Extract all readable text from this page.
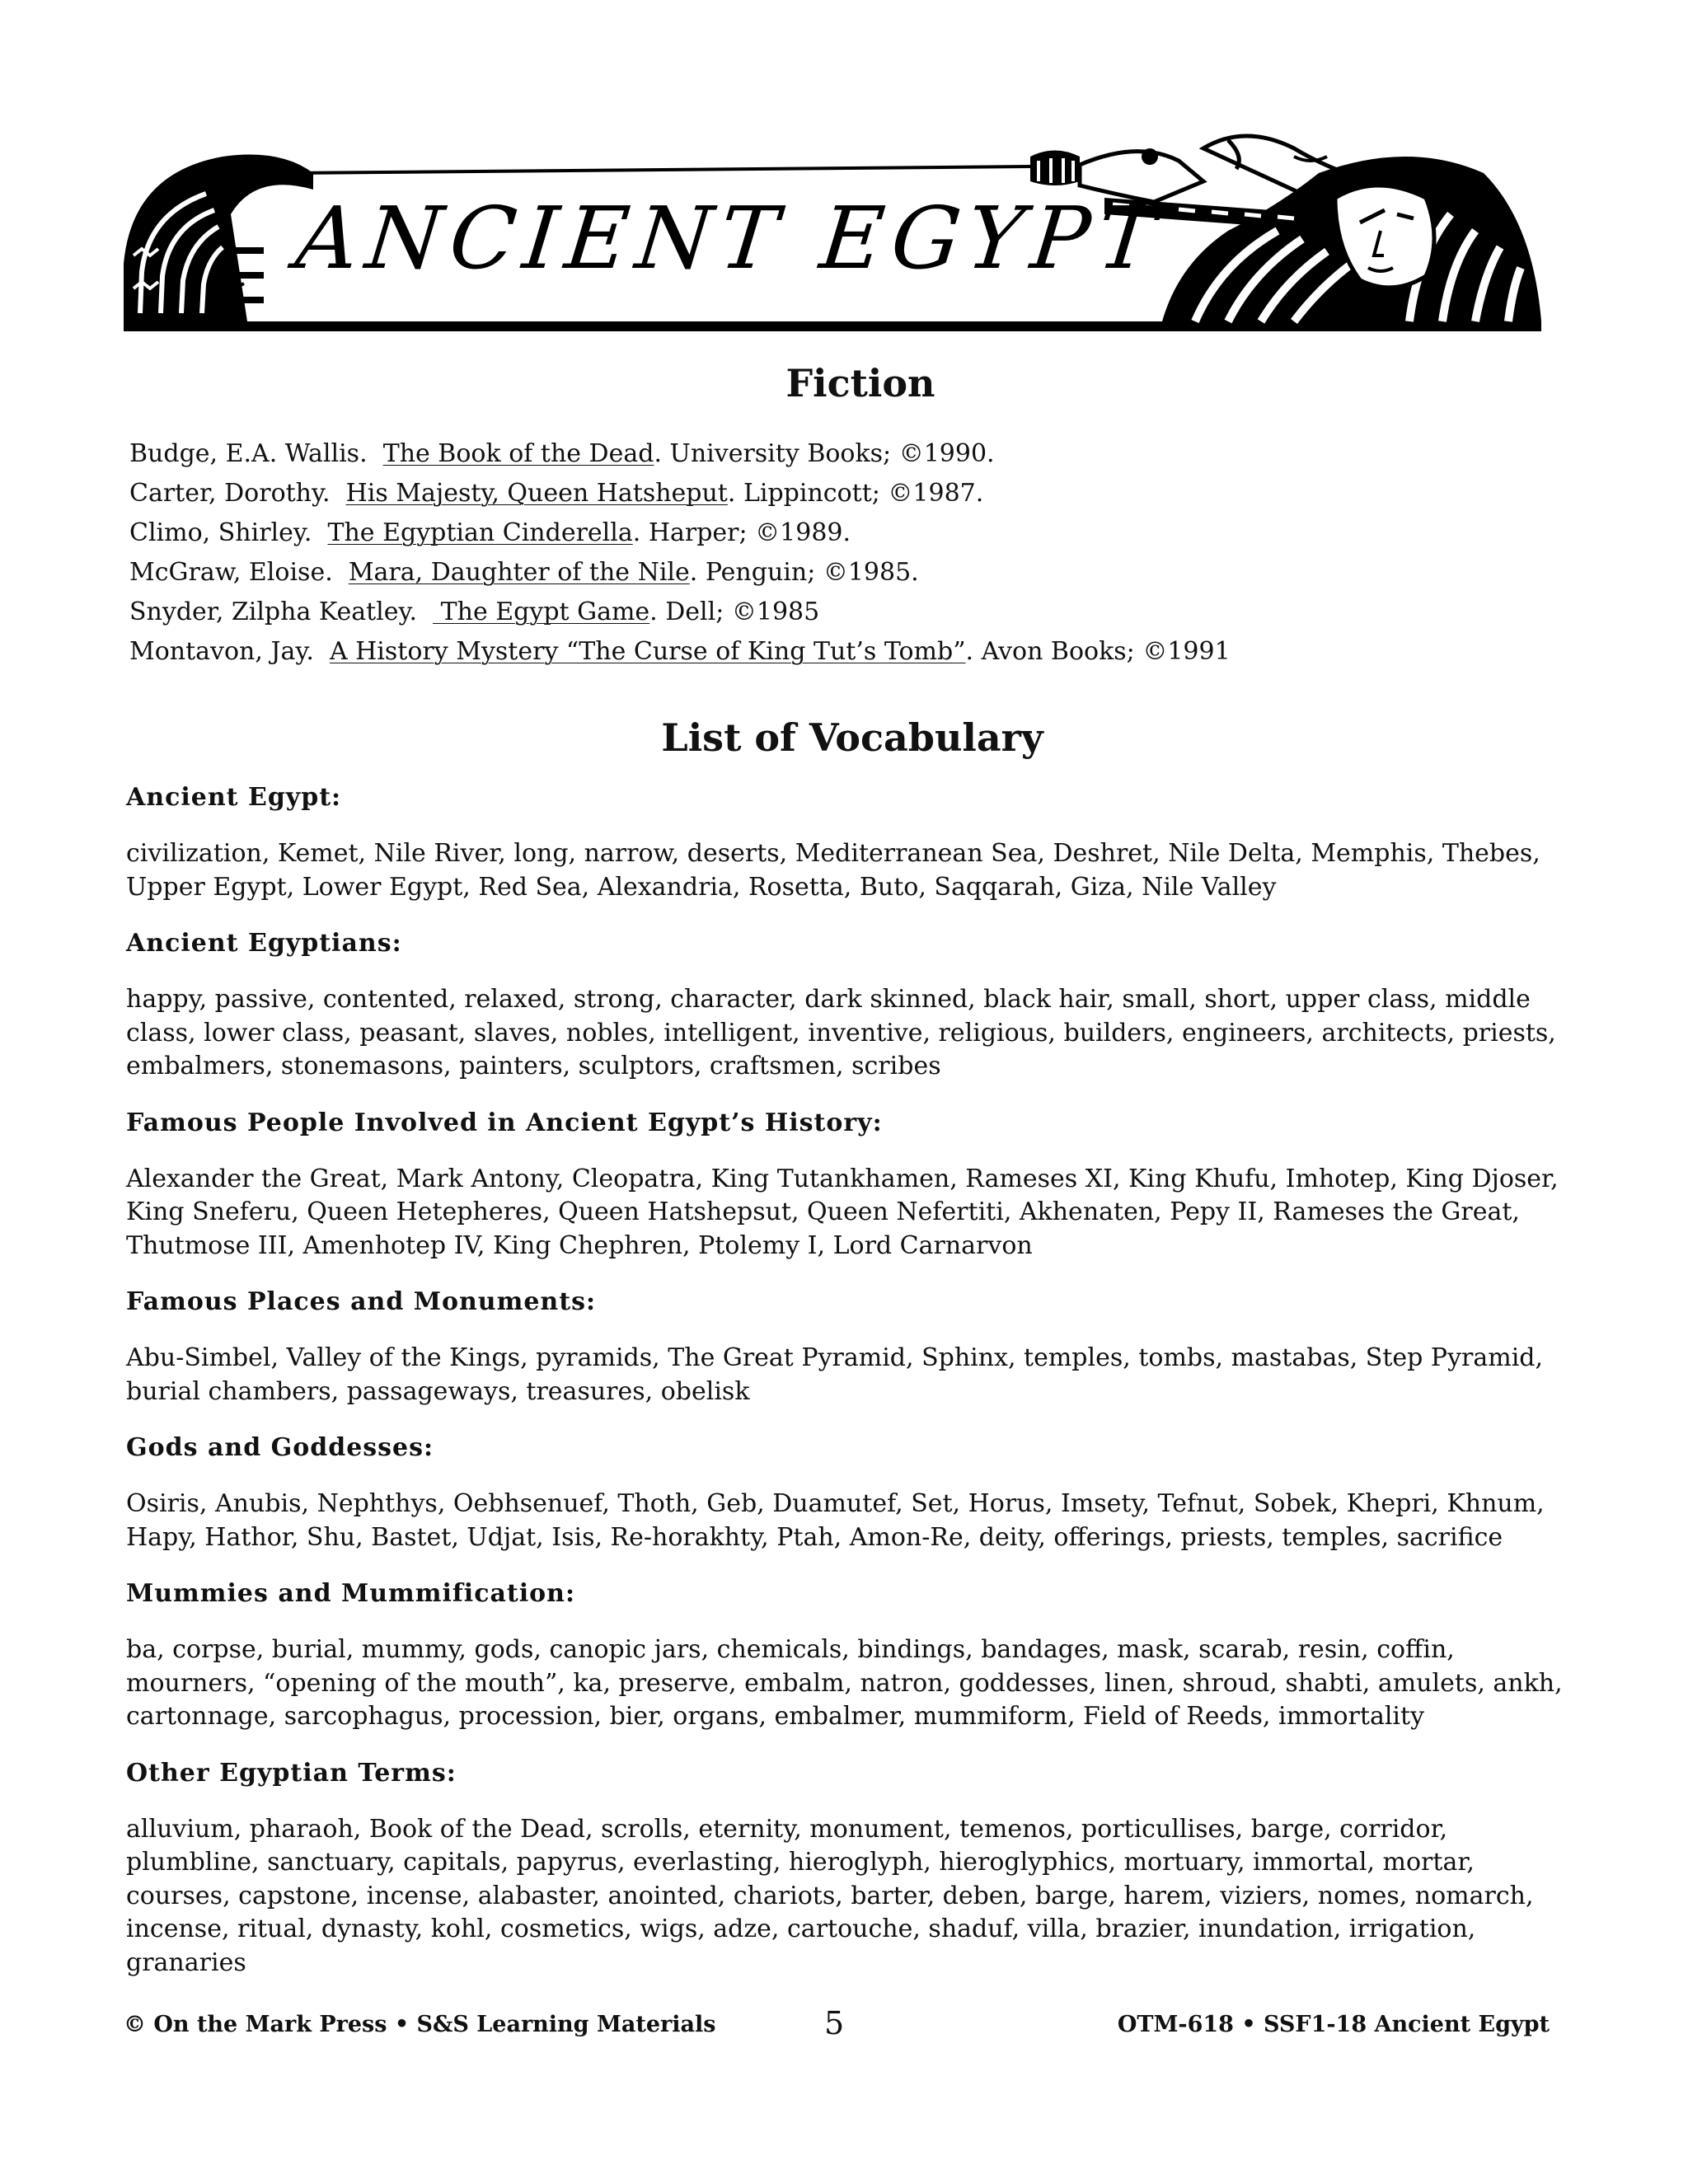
ANCIENT EGYPT
Fiction
Budge, E.A. Wallis. The Book of the Dead. University Books; ©1990.
Carter, Dorothy. His Majesty, Queen Hatsheput. Lippincott; ©1987.
Climo, Shirley. The Egyptian Cinderella. Harper; ©1989.
McGraw, Eloise. Mara, Daughter of the Nile. Penguin; ©1985.
Snyder, Zilpha Keatley.   The Egypt Game. Dell; ©1985
Montavon, Jay. A History Mystery “The Curse of King Tut’s Tomb”. Avon Books; ©1991
List of Vocabulary
Ancient Egypt:
civilization, Kemet, Nile River, long, narrow, deserts, Mediterranean Sea, Deshret, Nile Delta, Memphis, Thebes, Upper Egypt, Lower Egypt, Red Sea, Alexandria, Rosetta, Buto, Saqqarah, Giza, Nile Valley
Ancient Egyptians:
happy, passive, contented, relaxed, strong, character, dark skinned, black hair, small, short, upper class, middle class, lower class, peasant, slaves, nobles, intelligent, inventive, religious, builders, engineers, architects, priests, embalmers, stonemasons, painters, sculptors, craftsmen, scribes
Famous People Involved in Ancient Egypt’s History:
Alexander the Great, Mark Antony, Cleopatra, King Tutankhamen, Rameses XI, King Khufu, Imhotep, King Djoser, King Sneferu, Queen Hetepheres, Queen Hatshepsut, Queen Nefertiti, Akhenaten, Pepy II, Rameses the Great, Thutmose III, Amenhotep IV, King Chephren, Ptolemy I, Lord Carnarvon
Famous Places and Monuments:
Abu-Simbel, Valley of the Kings, pyramids, The Great Pyramid, Sphinx, temples, tombs, mastabas, Step Pyramid, burial chambers, passageways, treasures, obelisk
Gods and Goddesses:
Osiris, Anubis, Nephthys, Oebhsenuef, Thoth, Geb, Duamutef, Set, Horus, Imsety, Tefnut, Sobek, Khepri, Khnum, Hapy, Hathor, Shu, Bastet, Udjat, Isis, Re-horakhty, Ptah, Amon-Re, deity, offerings, priests, temples, sacrifice
Mummies and Mummification:
ba, corpse, burial, mummy, gods, canopic jars, chemicals, bindings, bandages, mask, scarab, resin, coffin, mourners, “opening of the mouth”, ka, preserve, embalm, natron, goddesses, linen, shroud, shabti, amulets, ankh, cartonnage, sarcophagus, procession, bier, organs, embalmer, mummiform, Field of Reeds, immortality
Other Egyptian Terms:
alluvium, pharaoh, Book of the Dead, scrolls, eternity, monument, temenos, porticullises, barge, corridor, plumbline, sanctuary, capitals, papyrus, everlasting, hieroglyph, hieroglyphics, mortuary, immortal, mortar, courses, capstone, incense, alabaster, anointed, chariots, barter, deben, barge, harem, viziers, nomes, nomarch, incense, ritual, dynasty, kohl, cosmetics, wigs, adze, cartouche, shaduf, villa, brazier, inundation, irrigation, granaries
© On the Mark Press • S&S Learning Materials	5	OTM-618 • SSF1-18 Ancient Egypt
